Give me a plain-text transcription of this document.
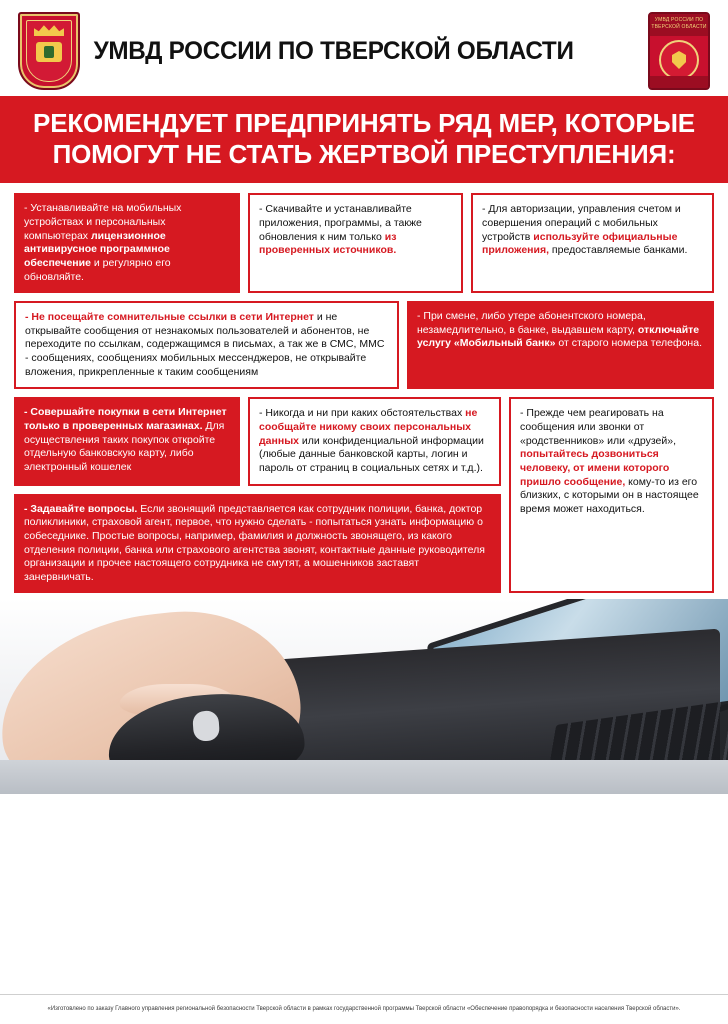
УМВД РОССИИ ПО ТВЕРСКОЙ ОБЛАСТИ
УМВД РОССИИ ПО ТВЕРСКОЙ ОБЛАСТИ
РЕКОМЕНДУЕТ ПРЕДПРИНЯТЬ РЯД МЕР, КОТОРЫЕ
ПОМОГУТ НЕ СТАТЬ ЖЕРТВОЙ ПРЕСТУПЛЕНИЯ:
- Устанавливайте на мобильных устройствах и персональных компьютерах лицензионное антивирусное программное обеспечение и регулярно его обновляйте.
- Скачивайте и устанавливайте приложения, программы, а также обновления к ним только из проверенных источников.
- Для авторизации, управления счетом и совершения операций с мобильных устройств используйте официальные приложения, предоставляемые банками.
- Не посещайте сомнительные ссылки в сети Интернет и не открывайте сообщения от незнакомых пользователей и абонентов, не переходите по ссылкам, содержащимся в письмах, а так же в СМС, ММС - сообщениях, сообщениях мобильных мессенджеров, не открывайте вложения, прикрепленные к таким сообщениям
- При смене, либо утере абонентского номера, незамедлительно, в банке, выдавшем карту, отключайте услугу «Мобильный банк» от старого номера телефона.
- Совершайте покупки в сети Интернет только в проверенных магазинах. Для осуществления таких покупок откройте отдельную банковскую карту, либо электронный кошелек
- Никогда и ни при каких обстоятельствах не сообщайте никому своих персональных данных или конфиденциальной информации (любые данные банковской карты, логин и пароль от страниц в социальных сетях и т.д.).
- Задавайте вопросы. Если звонящий представляется как сотрудник полиции, банка, доктор поликлиники, страховой агент, первое, что нужно сделать - попытаться узнать информацию о собеседнике. Простые вопросы, например, фамилия и должность звонящего, из какого отделения полиции, банка или страхового агентства звонят, контактные данные руководителя организации и прочее настоящего сотрудника не смутят, а мошенников заставят занервничать.
- Прежде чем реагировать на сообщения или звонки от «родственников» или «друзей», попытайтесь дозвониться человеку, от имени которого пришло сообщение, кому-то из его близких, с которыми он в настоящее время может находиться.
«Изготовлено по заказу Главного управления региональной безопасности Тверской области в рамках государственной программы Тверской области «Обеспечение правопорядка и безопасности населения Тверской области».
